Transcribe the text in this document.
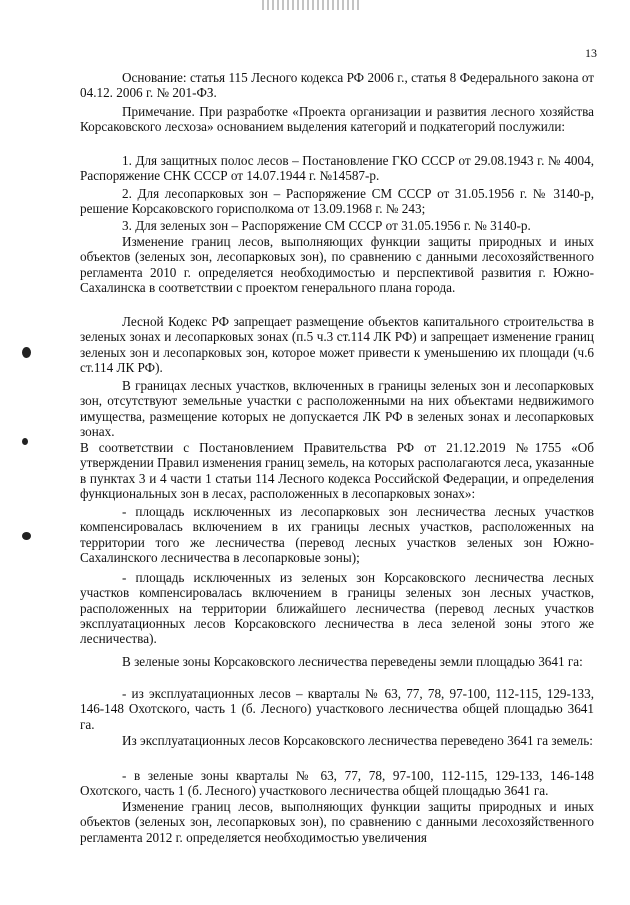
13

Основание: статья 115 Лесного кодекса РФ 2006 г., статья 8 Федерального закона от 04.12. 2006 г. № 201-ФЗ.

Примечание. При разработке «Проекта организации и развития лесного хозяйства Корсаковского лесхоза» основанием выделения категорий и подкатегорий послужили:

1. Для защитных полос лесов – Постановление ГКО СССР от 29.08.1943 г. № 4004, Распоряжение СНК СССР от 14.07.1944 г. №14587-р.

2. Для лесопарковых зон – Распоряжение СМ СССР от 31.05.1956 г. № 3140-р, решение Корсаковского горисполкома от 13.09.1968 г. № 243;

3. Для зеленых зон – Распоряжение СМ СССР от 31.05.1956 г. № 3140-р.

Изменение границ лесов, выполняющих функции защиты природных и иных объектов (зеленых зон, лесопарковых зон), по сравнению с данными лесохозяйственного регламента 2010 г. определяется необходимостью и перспективой развития г. Южно-Сахалинска в соответствии с проектом генерального плана города.

Лесной Кодекс РФ запрещает размещение объектов капитального строительства в зеленых зонах и лесопарковых зонах (п.5 ч.3 ст.114 ЛК РФ) и запрещает изменение границ зеленых зон и лесопарковых зон, которое может привести к уменьшению их площади (ч.6 ст.114 ЛК РФ).

В границах лесных участков, включенных в границы зеленых зон и лесопарковых зон, отсутствуют земельные участки с расположенными на них объектами недвижимого имущества, размещение которых не допускается ЛК РФ в зеленых зонах и лесопарковых зонах.

В соответствии с Постановлением Правительства РФ от 21.12.2019 №1755 «Об утверждении Правил изменения границ земель, на которых располагаются леса, указанные в пунктах 3 и 4 части 1 статьи 114 Лесного кодекса Российской Федерации, и определения функциональных зон в лесах, расположенных в лесопарковых зонах»:

- площадь исключенных из лесопарковых зон лесничества лесных участков компенсировалась включением в их границы лесных участков, расположенных на территории того же лесничества (перевод лесных участков зеленых зон Южно-Сахалинского лесничества в лесопарковые зоны);

- площадь исключенных из зеленых зон Корсаковского лесничества лесных участков компенсировалась включением в границы зеленых зон лесных участков, расположенных на территории ближайшего лесничества (перевод лесных участков эксплуатационных лесов Корсаковского лесничества в леса зеленой зоны этого же лесничества).

В зеленые зоны Корсаковского лесничества переведены земли площадью 3641 га:

- из эксплуатационных лесов – кварталы № 63, 77, 78, 97-100, 112-115, 129-133, 146-148 Охотского, часть 1 (б. Лесного) участкового лесничества общей площадью 3641 га.

Из эксплуатационных лесов Корсаковского лесничества переведено 3641 га земель:

- в зеленые зоны кварталы № 63, 77, 78, 97-100, 112-115, 129-133, 146-148 Охотского, часть 1 (б. Лесного) участкового лесничества общей площадью 3641 га.

Изменение границ лесов, выполняющих функции защиты природных и иных объектов (зеленых зон, лесопарковых зон), по сравнению с данными лесохозяйственного регламента 2012 г. определяется необходимостью увеличения
